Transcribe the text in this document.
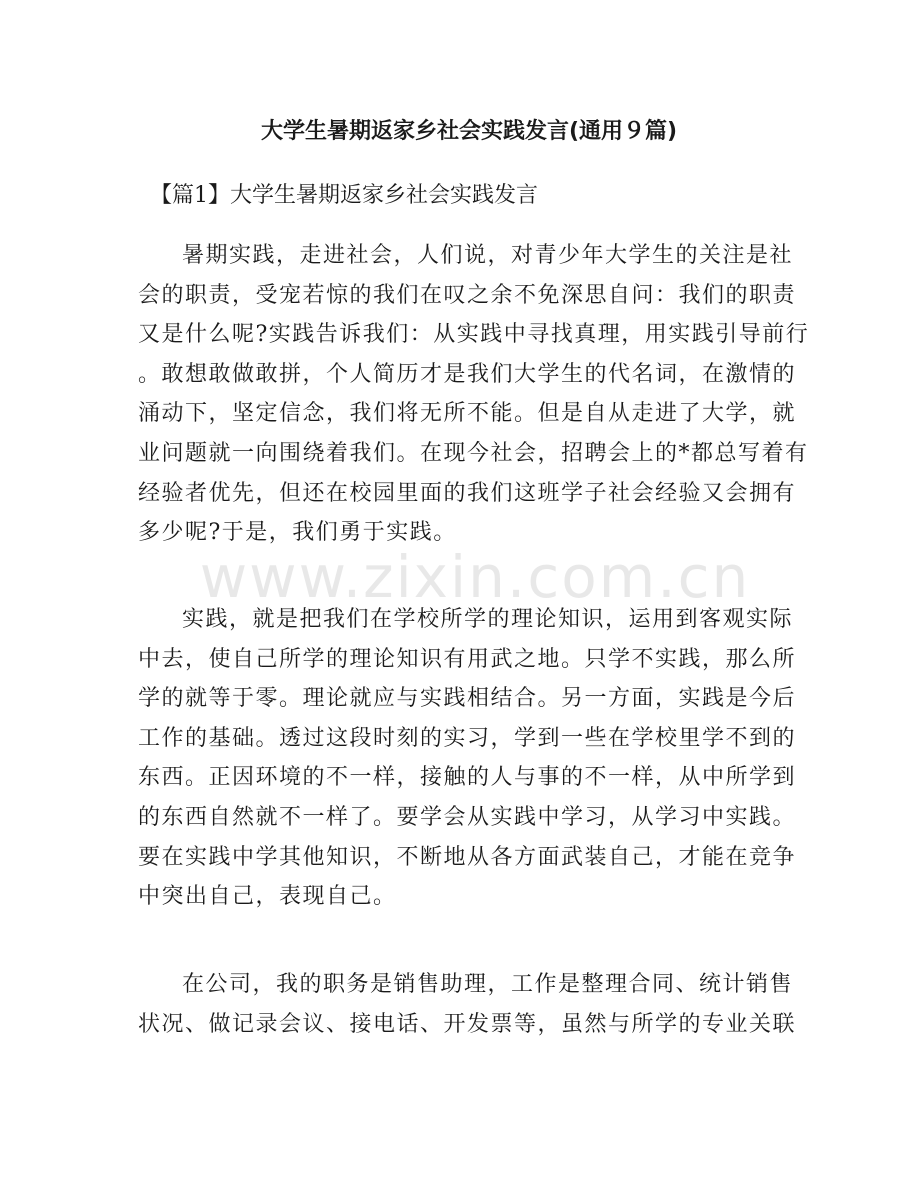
大学生暑期返家乡社会实践发言(通用９篇)
【篇1】大学生暑期返家乡社会实践发言
暑期实践，走进社会，人们说，对青少年大学生的关注是社
会的职责，受宠若惊的我们在叹之余不免深思自问：我们的职责
又是什么呢?实践告诉我们：从实践中寻找真理，用实践引导前行
。敢想敢做敢拼，个人简历才是我们大学生的代名词，在激情的
涌动下，坚定信念，我们将无所不能。但是自从走进了大学，就
业问题就一向围绕着我们。在现今社会，招聘会上的*都总写着有
经验者优先，但还在校园里面的我们这班学子社会经验又会拥有
多少呢?于是，我们勇于实践。
实践，就是把我们在学校所学的理论知识，运用到客观实际
中去，使自己所学的理论知识有用武之地。只学不实践，那么所
学的就等于零。理论就应与实践相结合。另一方面，实践是今后
工作的基础。透过这段时刻的实习，学到一些在学校里学不到的
东西。正因环境的不一样，接触的人与事的不一样，从中所学到
的东西自然就不一样了。要学会从实践中学习，从学习中实践。
要在实践中学其他知识，不断地从各方面武装自己，才能在竞争
中突出自己，表现自己。
在公司，我的职务是销售助理，工作是整理合同、统计销售
状况、做记录会议、接电话、开发票等，虽然与所学的专业关联
www.zixin.com.cn
